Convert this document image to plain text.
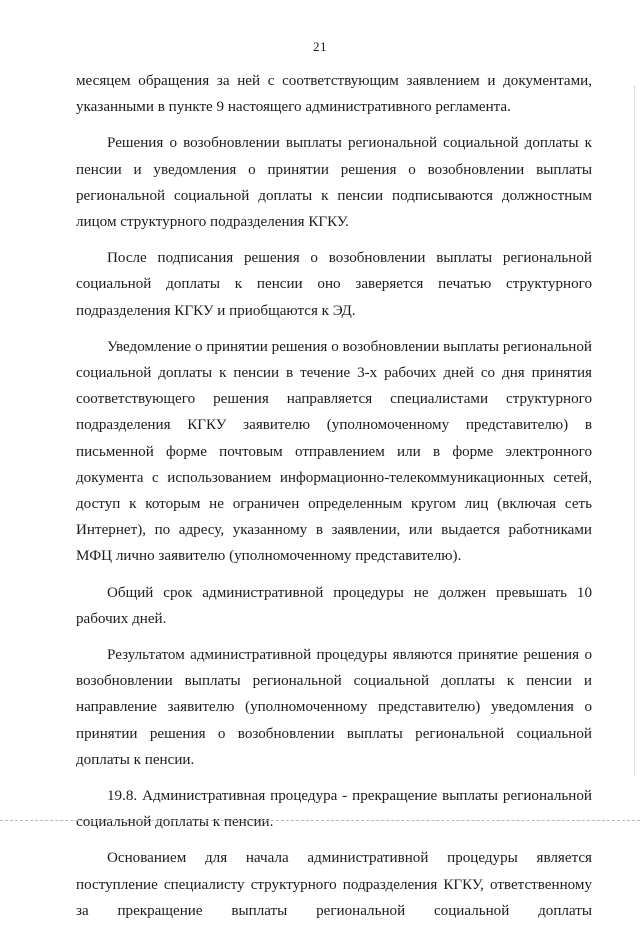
21

месяцем обращения за ней с соответствующим заявлением и документами, указанными в пункте 9 настоящего административного регламента.

Решения о возобновлении выплаты региональной социальной доплаты к пенсии и уведомления о принятии решения о возобновлении выплаты региональной социальной доплаты к пенсии подписываются должностным лицом структурного подразделения КГКУ.

После подписания решения о возобновлении выплаты региональной социальной доплаты к пенсии оно заверяется печатью структурного подразделения КГКУ и приобщаются к ЭД.

Уведомление о принятии решения о возобновлении выплаты региональной социальной доплаты к пенсии в течение 3-х рабочих дней со дня принятия соответствующего решения направляется специалистами структурного подразделения КГКУ заявителю (уполномоченному представителю) в письменной форме почтовым отправлением или в форме электронного документа с использованием информационно-телекоммуникационных сетей, доступ к которым не ограничен определенным кругом лиц (включая сеть Интернет), по адресу, указанному в заявлении, или выдается работниками МФЦ лично заявителю (уполномоченному представителю).

Общий срок административной процедуры не должен превышать 10 рабочих дней.

Результатом административной процедуры являются принятие решения о возобновлении выплаты региональной социальной доплаты к пенсии и направление заявителю (уполномоченному представителю) уведомления о принятии решения о возобновлении выплаты региональной социальной доплаты к пенсии.

19.8. Административная процедура - прекращение выплаты региональной социальной доплаты к пенсии.

Основанием для начала административной процедуры является поступление специалисту структурного подразделения КГКУ, ответственному за прекращение выплаты региональной социальной доплаты
